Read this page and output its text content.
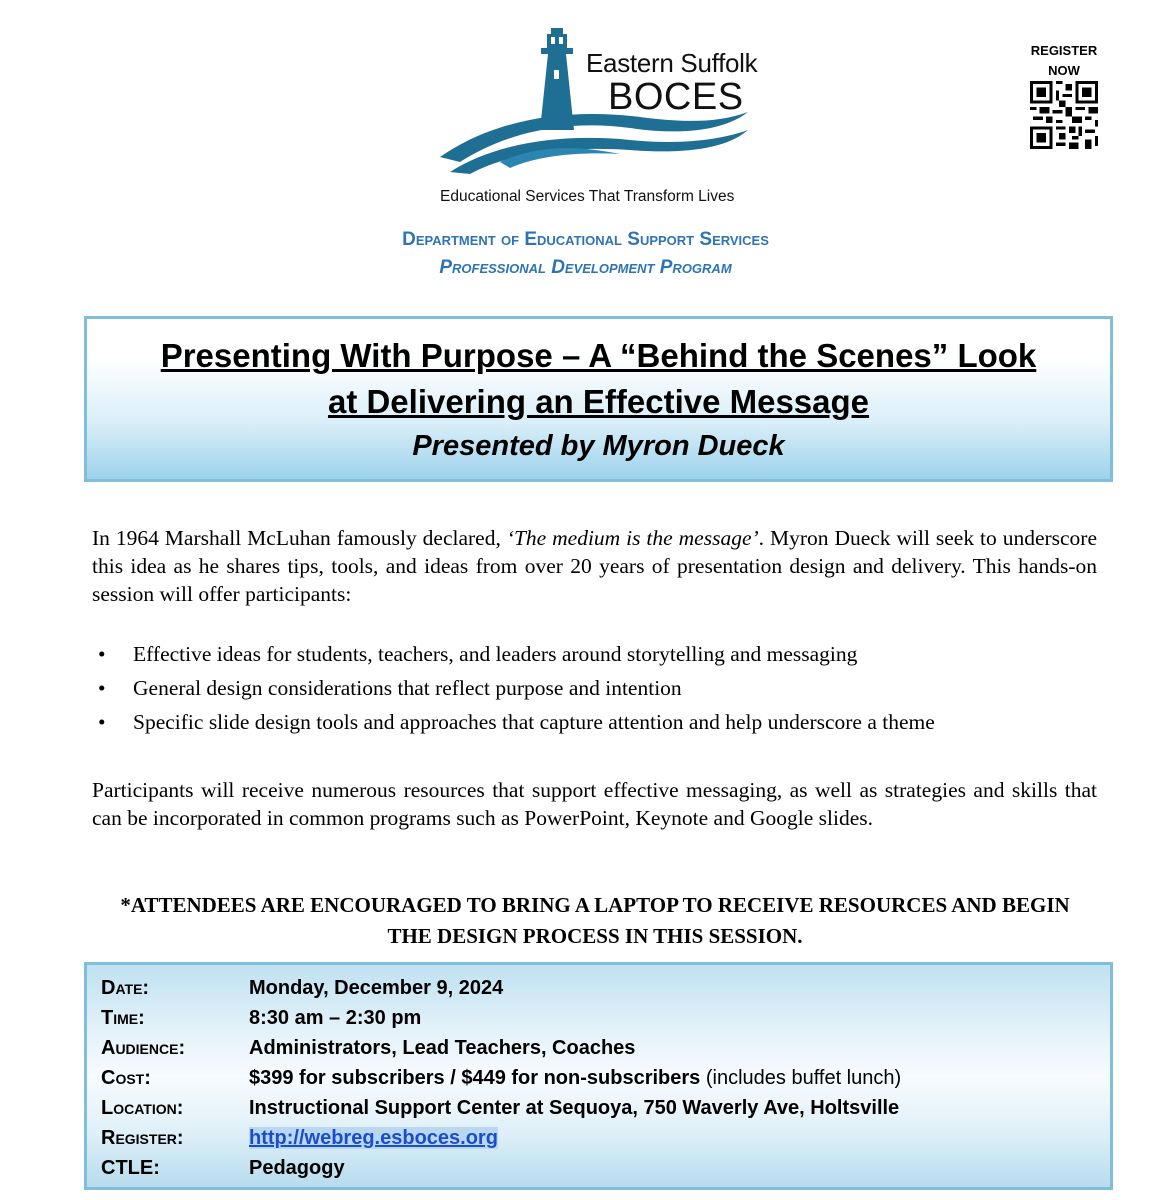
Eastern Suffolk
BOCES
Educational Services That Transform Lives
REGISTER
NOW
Department of Educational Support Services
Professional Development Program
Presenting With Purpose – A “Behind the Scenes” Look
at Delivering an Effective Message
Presented by Myron Dueck
In 1964 Marshall McLuhan famously declared, ‘The medium is the message’. Myron Dueck will seek to underscore this idea as he shares tips, tools, and ideas from over 20 years of presentation design and delivery. This hands-on session will offer participants:
• Effective ideas for students, teachers, and leaders around storytelling and messaging
• General design considerations that reflect purpose and intention
• Specific slide design tools and approaches that capture attention and help underscore a theme
Participants will receive numerous resources that support effective messaging, as well as strategies and skills that can be incorporated in common programs such as PowerPoint, Keynote and Google slides.
*ATTENDEES ARE ENCOURAGED TO BRING A LAPTOP TO RECEIVE RESOURCES AND BEGIN
THE DESIGN PROCESS IN THIS SESSION.
Date:	Monday, December 9, 2024
Time:	8:30 am – 2:30 pm
Audience:	Administrators, Lead Teachers, Coaches
Cost:	$399 for subscribers / $449 for non-subscribers (includes buffet lunch)
Location:	Instructional Support Center at Sequoya, 750 Waverly Ave, Holtsville
Register:	http://webreg.esboces.org
CTLE:	Pedagogy
